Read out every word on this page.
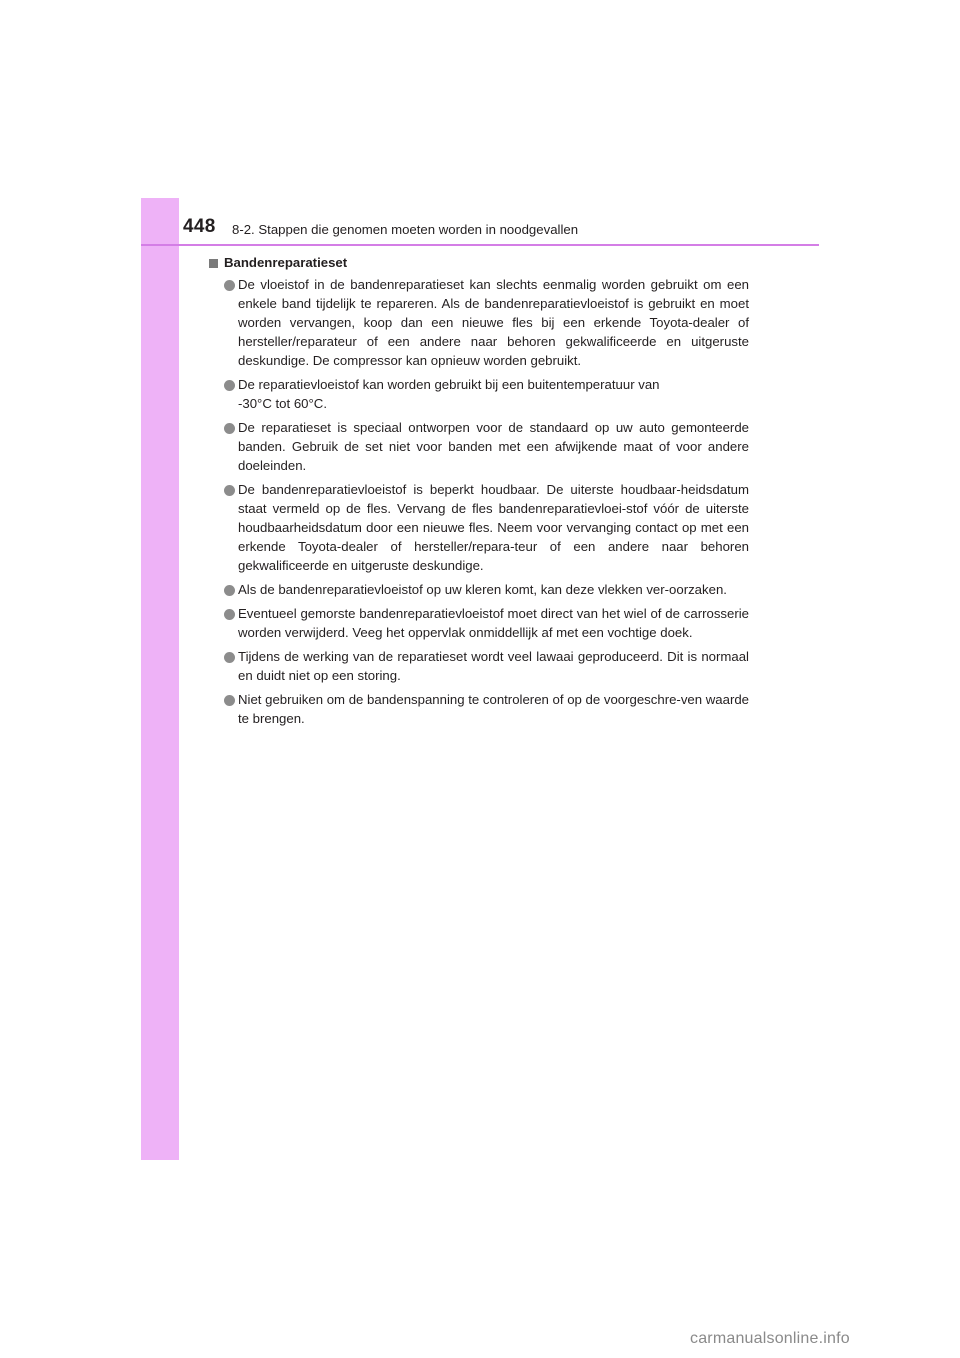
448 8-2. Stappen die genomen moeten worden in noodgevallen
Bandenreparatieset
De vloeistof in de bandenreparatieset kan slechts eenmalig worden gebruikt om een enkele band tijdelijk te repareren. Als de bandenreparatievloeistof is gebruikt en moet worden vervangen, koop dan een nieuwe fles bij een erkende Toyota-dealer of hersteller/reparateur of een andere naar behoren gekwalificeerde en uitgeruste deskundige. De compressor kan opnieuw worden gebruikt.
De reparatievloeistof kan worden gebruikt bij een buitentemperatuur van
-30°C tot 60°C.
De reparatieset is speciaal ontworpen voor de standaard op uw auto gemonteerde banden. Gebruik de set niet voor banden met een afwijkende maat of voor andere doeleinden.
De bandenreparatievloeistof is beperkt houdbaar. De uiterste houdbaar-heidsdatum staat vermeld op de fles. Vervang de fles bandenreparatievloei-stof vóór de uiterste houdbaarheidsdatum door een nieuwe fles. Neem voor vervanging contact op met een erkende Toyota-dealer of hersteller/repara-teur of een andere naar behoren gekwalificeerde en uitgeruste deskundige.
Als de bandenreparatievloeistof op uw kleren komt, kan deze vlekken ver-oorzaken.
Eventueel gemorste bandenreparatievloeistof moet direct van het wiel of de carrosserie worden verwijderd. Veeg het oppervlak onmiddellijk af met een vochtige doek.
Tijdens de werking van de reparatieset wordt veel lawaai geproduceerd. Dit is normaal en duidt niet op een storing.
Niet gebruiken om de bandenspanning te controleren of op de voorgeschre-ven waarde te brengen.
carmanualsonline.info
